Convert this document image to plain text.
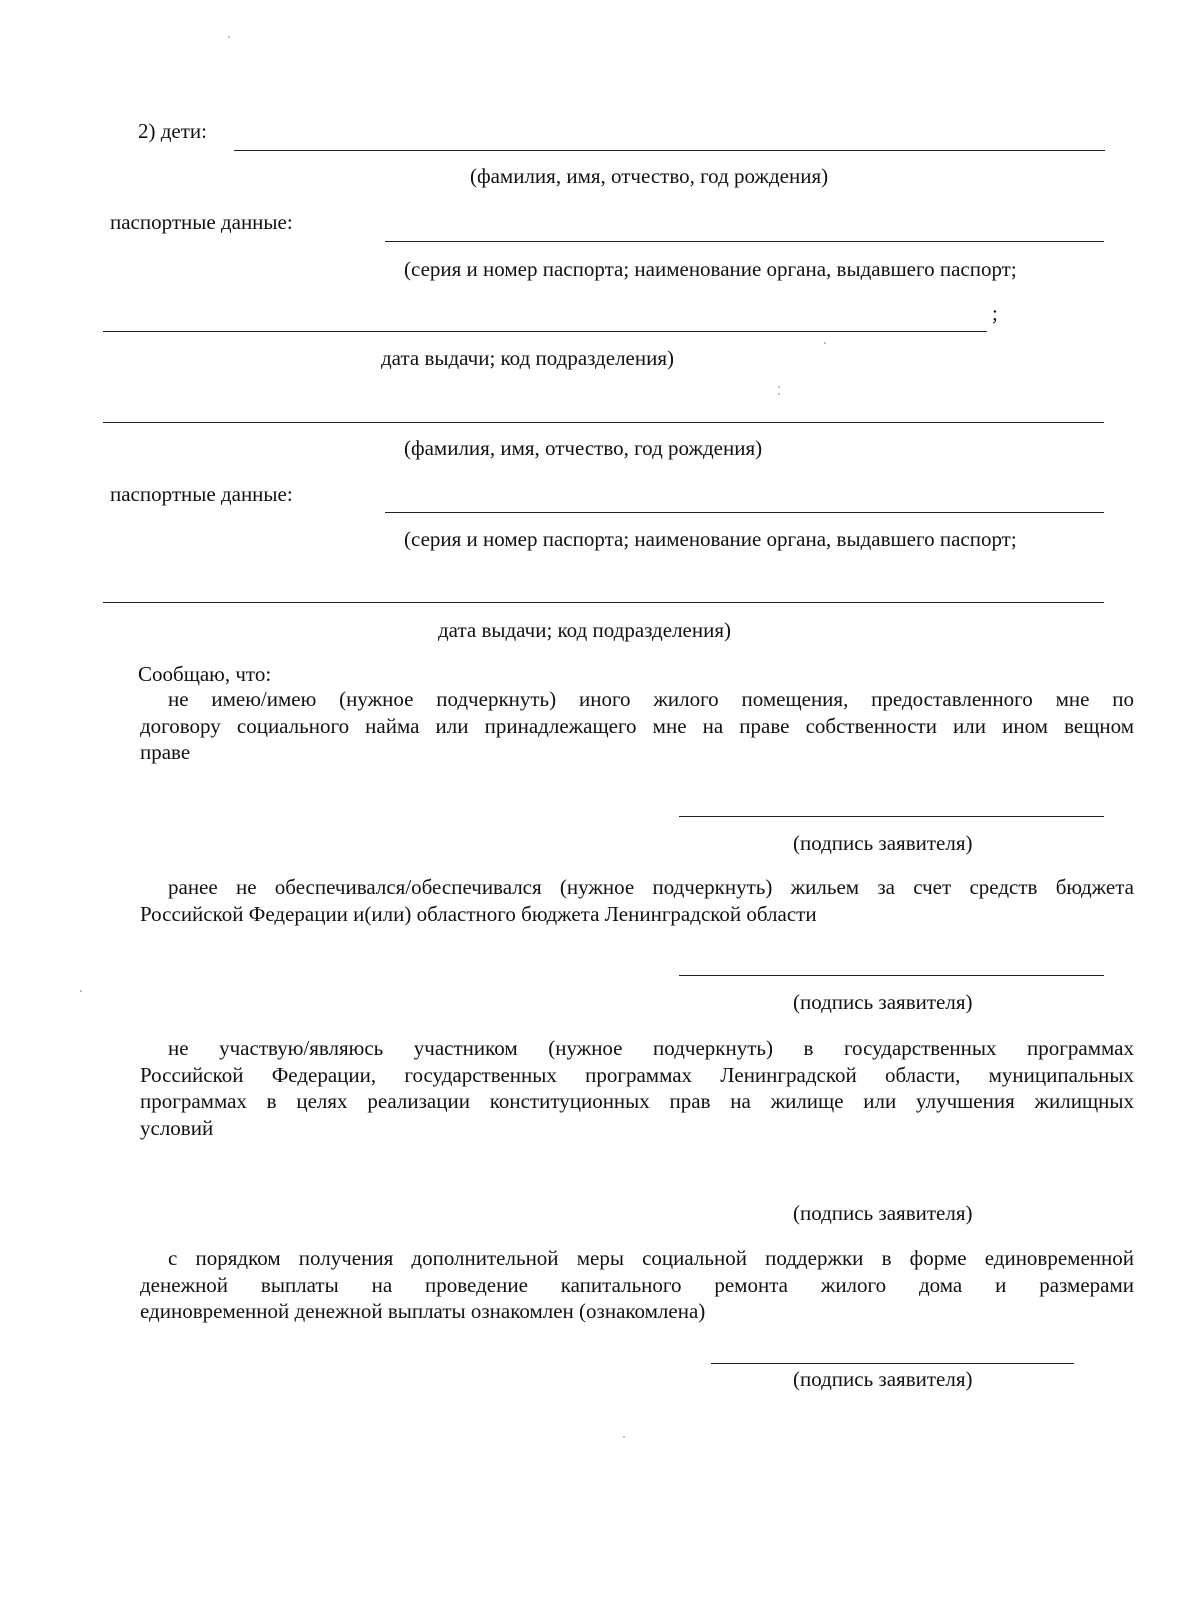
2) дети:
(фамилия, имя, отчество, год рождения)
паспортные данные:
(серия и номер паспорта; наименование органа, выдавшего паспорт;
;
дата выдачи; код подразделения)
(фамилия, имя, отчество, год рождения)
паспортные данные:
(серия и номер паспорта; наименование органа, выдавшего паспорт;
дата выдачи; код подразделения)
Сообщаю, что:
не имею/имею (нужное подчеркнуть) иного жилого помещения, предоставленного мне по
договору социального найма или принадлежащего мне на праве собственности или ином вещном
праве
(подпись заявителя)
ранее не обеспечивался/обеспечивался (нужное подчеркнуть) жильем за счет средств бюджета
Российской Федерации и(или) областного бюджета Ленинградской области
(подпись заявителя)
не участвую/являюсь участником (нужное подчеркнуть) в государственных программах
Российской Федерации, государственных программах Ленинградской области, муниципальных
программах в целях реализации конституционных прав на жилище или улучшения жилищных
условий
(подпись заявителя)
с порядком получения дополнительной меры социальной поддержки в форме единовременной
денежной выплаты на проведение капитального ремонта жилого дома и размерами
единовременной денежной выплаты ознакомлен (ознакомлена)
(подпись заявителя)
